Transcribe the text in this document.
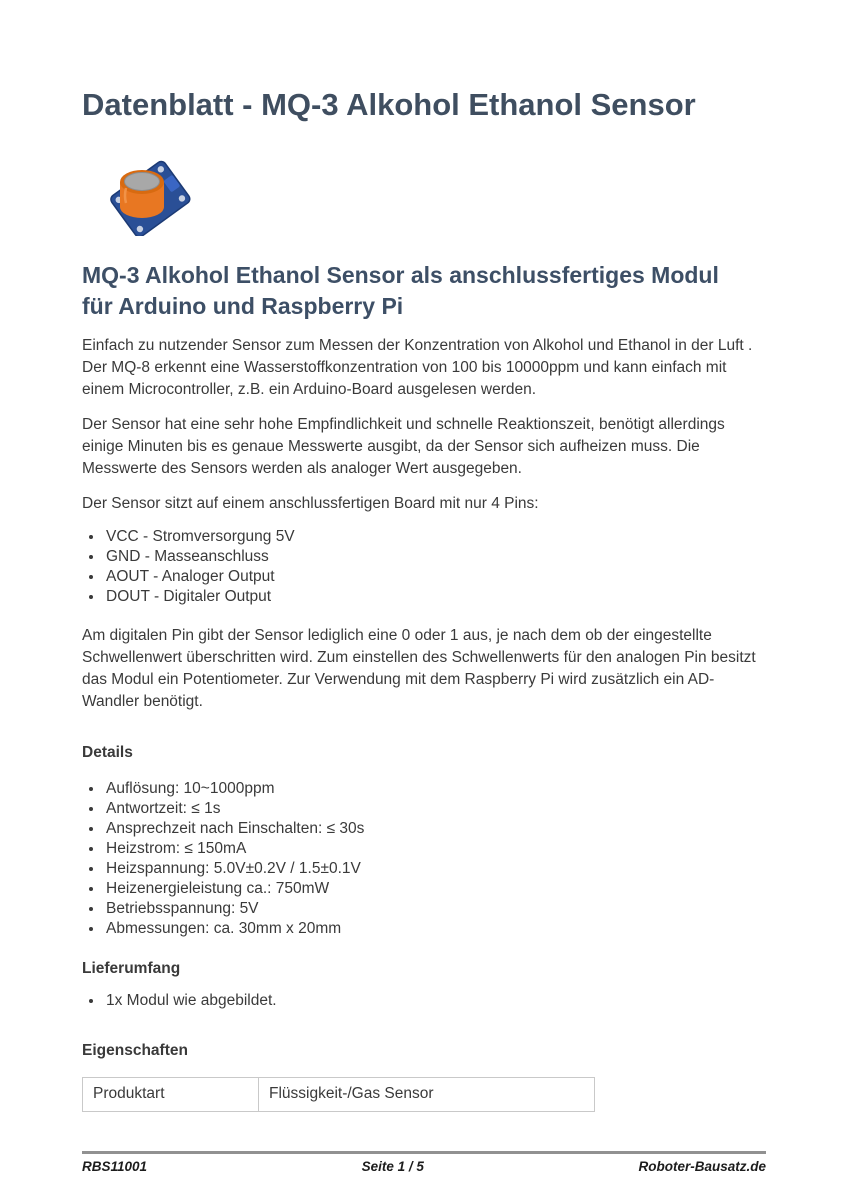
Datenblatt - MQ-3 Alkohol Ethanol Sensor
MQ-3 Alkohol Ethanol Sensor als anschlussfertiges Modul für Arduino und Raspberry Pi

Einfach zu nutzender Sensor zum Messen der Konzentration von Alkohol und Ethanol in der Luft . Der MQ-8 erkennt eine Wasserstoffkonzentration von 100 bis 10000ppm und kann einfach mit einem Microcontroller, z.B. ein Arduino-Board ausgelesen werden.

Der Sensor hat eine sehr hohe Empfindlichkeit und schnelle Reaktionszeit, benötigt allerdings einige Minuten bis es genaue Messwerte ausgibt, da der Sensor sich aufheizen muss. Die Messwerte des Sensors werden als analoger Wert ausgegeben.

Der Sensor sitzt auf einem anschlussfertigen Board mit nur 4 Pins:

• VCC - Stromversorgung 5V
• GND - Masseanschluss
• AOUT - Analoger Output
• DOUT - Digitaler Output

Am digitalen Pin gibt der Sensor lediglich eine 0 oder 1 aus, je nach dem ob der eingestellte Schwellenwert überschritten wird. Zum einstellen des Schwellenwerts für den analogen Pin besitzt das Modul ein Potentiometer. Zur Verwendung mit dem Raspberry Pi wird zusätzlich ein AD-Wandler benötigt.

Details
• Auflösung: 10~1000ppm
• Antwortzeit: ≤ 1s
• Ansprechzeit nach Einschalten: ≤ 30s
• Heizstrom: ≤ 150mA
• Heizspannung: 5.0V±0.2V / 1.5±0.1V
• Heizenergieleistung ca.: 750mW
• Betriebsspannung: 5V
• Abmessungen: ca. 30mm x 20mm
Lieferumfang
• 1x Modul wie abgebildet.
Eigenschaften
Produktart	Flüssigkeit-/Gas Sensor
RBS11001	Seite 1 / 5	Roboter-Bausatz.de
